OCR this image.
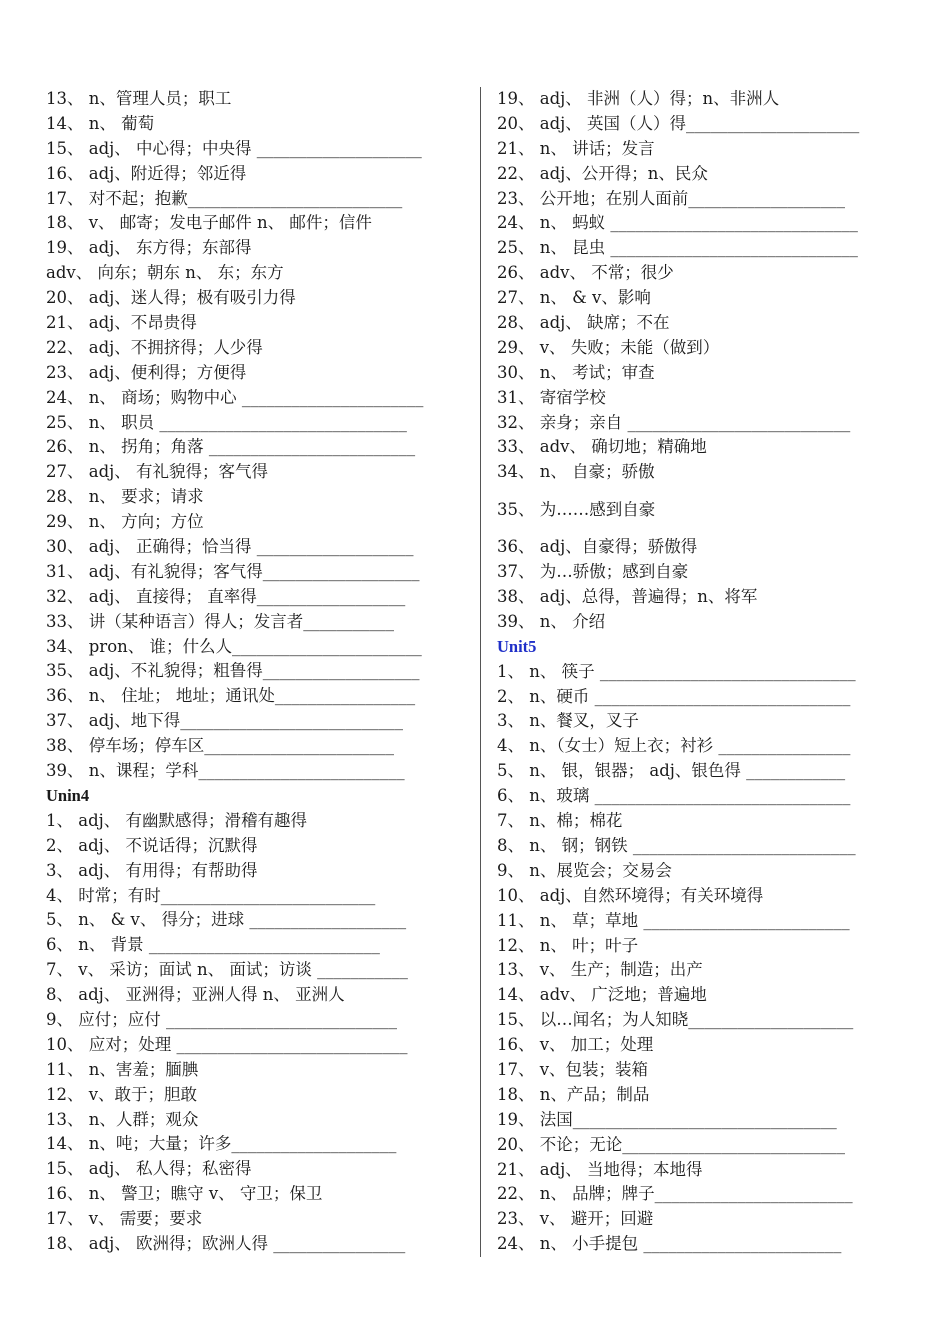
13、 n、管理人员；职工
14、 n、 葡萄
15、 adj、 中心得；中央得 ____________________
16、 adj、附近得；邻近得
17、 对不起；抱歉__________________________
18、 v、 邮寄；发电子邮件 n、 邮件；信件
19、 adj、 东方得；东部得
adv、 向东；朝东 n、 东；东方
20、 adj、迷人得；极有吸引力得
21、 adj、不昂贵得
22、 adj、不拥挤得；人少得
23、 adj、便利得；方便得
24、 n、 商场；购物中心 ______________________
25、 n、 职员 ______________________________
26、 n、 拐角；角落 _________________________
27、 adj、 有礼貌得；客气得
28、 n、 要求；请求
29、 n、 方向；方位
30、 adj、 正确得；恰当得 ___________________
31、 adj、有礼貌得；客气得___________________
32、 adj、 直接得； 直率得__________________
33、 讲（某种语言）得人；发言者___________
34、 pron、 谁；什么人_______________________
35、 adj、不礼貌得；粗鲁得___________________
36、 n、 住址； 地址；通讯处_________________
37、 adj、地下得___________________________
38、 停车场；停车区_______________________
39、 n、课程；学科_________________________
Unin4
1、 adj、 有幽默感得；滑稽有趣得
2、 adj、 不说话得；沉默得
3、 adj、 有用得；有帮助得
4、 时常；有时__________________________
5、 n、 & v、 得分；进球 ___________________
6、 n、 背景 ____________________________
7、 v、 采访；面试 n、 面试；访谈 ___________
8、 adj、 亚洲得；亚洲人得 n、 亚洲人
9、 应付；应付 ____________________________
10、 应对；处理 ____________________________
11、 n、害羞；腼腆
12、 v、敢于；胆敢
13、 n、人群；观众
14、 n、吨；大量；许多____________________
15、 adj、 私人得；私密得
16、 n、 警卫；瞧守 v、 守卫；保卫
17、 v、 需要；要求
18、 adj、 欧洲得；欧洲人得 ________________
19、 adj、 非洲（人）得；n、非洲人
20、 adj、 英国（人）得_____________________
21、 n、 讲话；发言
22、 adj、公开得；n、民众
23、 公开地；在别人面前___________________
24、 n、 蚂蚁 ______________________________
25、 n、 昆虫 ______________________________
26、 adv、 不常；很少
27、 n、 & v、影响
28、 adj、 缺席；不在
29、 v、 失败；未能（做到）
30、 n、 考试；审查
31、 寄宿学校
32、 亲身；亲自 ___________________________
33、 adv、 确切地；精确地
34、 n、 自豪；骄傲
35、 为……感到自豪
36、 adj、自豪得；骄傲得
37、 为…骄傲；感到自豪
38、 adj、总得，普遍得；n、将军
39、 n、 介绍
Unit5
1、 n、 筷子 _______________________________
2、 n、硬币 _______________________________
3、 n、餐叉，叉子
4、 n、（女士）短上衣；衬衫 ________________
5、 n、 银，银器； adj、银色得 ____________
6、 n、玻璃 _______________________________
7、 n、棉；棉花
8、 n、 钢；钢铁 ___________________________
9、 n、展览会；交易会
10、 adj、自然环境得；有关环境得
11、 n、 草；草地 _________________________
12、 n、 叶；叶子
13、 v、 生产；制造；出产
14、 adv、 广泛地；普遍地
15、 以…闻名；为人知晓____________________
16、 v、 加工；处理
17、 v、包装；装箱
18、 n、产品；制品
19、 法国________________________________
20、 不论；无论___________________________
21、 adj、 当地得；本地得
22、 n、 品牌；牌子________________________
23、 v、 避开；回避
24、 n、 小手提包 ________________________
